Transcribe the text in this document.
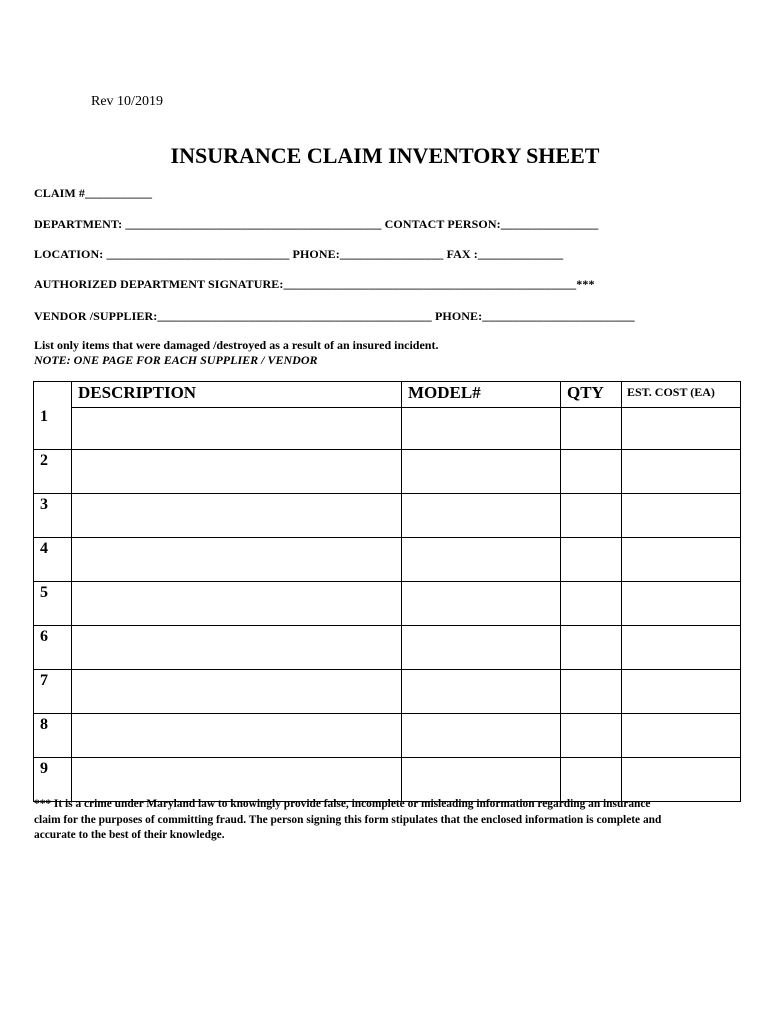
Rev 10/2019
INSURANCE CLAIM INVENTORY SHEET
CLAIM #___________
DEPARTMENT: __________________________________________ CONTACT PERSON:________________
LOCATION: ______________________________ PHONE:_________________ FAX :______________
AUTHORIZED DEPARTMENT SIGNATURE:________________________________________________***
VENDOR /SUPPLIER:_____________________________________________ PHONE:_________________________
List only items that were damaged /destroyed as a result of an insured incident.
NOTE: ONE PAGE FOR EACH SUPPLIER / VENDOR
	DESCRIPTION	MODEL#	QTY	EST. COST (EA)
1				
2				
3				
4				
5				
6				
7				
8				
9				
*** It is a crime under Maryland law to knowingly provide false, incomplete or misleading information regarding an insurance claim for the purposes of committing fraud. The person signing this form stipulates that the enclosed information is complete and accurate to the best of their knowledge.
